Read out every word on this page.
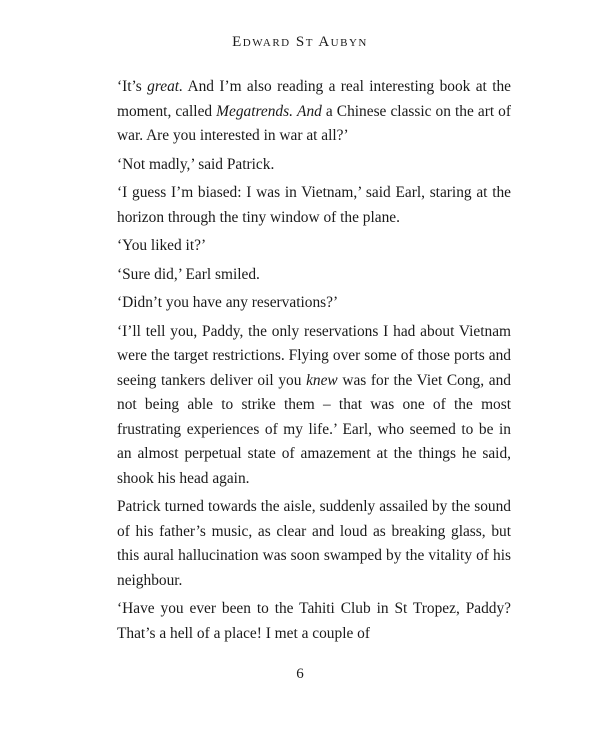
Edward St Aubyn

‘It’s great. And I’m also reading a real interesting book at the moment, called Megatrends. And a Chinese classic on the art of war. Are you interested in war at all?’

‘Not madly,’ said Patrick.

‘I guess I’m biased: I was in Vietnam,’ said Earl, staring at the horizon through the tiny window of the plane.

‘You liked it?’

‘Sure did,’ Earl smiled.

‘Didn’t you have any reservations?’

‘I’ll tell you, Paddy, the only reservations I had about Vietnam were the target restrictions. Flying over some of those ports and seeing tankers deliver oil you knew was for the Viet Cong, and not being able to strike them – that was one of the most frustrating experiences of my life.’ Earl, who seemed to be in an almost perpetual state of amazement at the things he said, shook his head again.

Patrick turned towards the aisle, suddenly assailed by the sound of his father’s music, as clear and loud as breaking glass, but this aural hallucination was soon swamped by the vitality of his neighbour.

‘Have you ever been to the Tahiti Club in St Tropez, Paddy? That’s a hell of a place! I met a couple of

6
